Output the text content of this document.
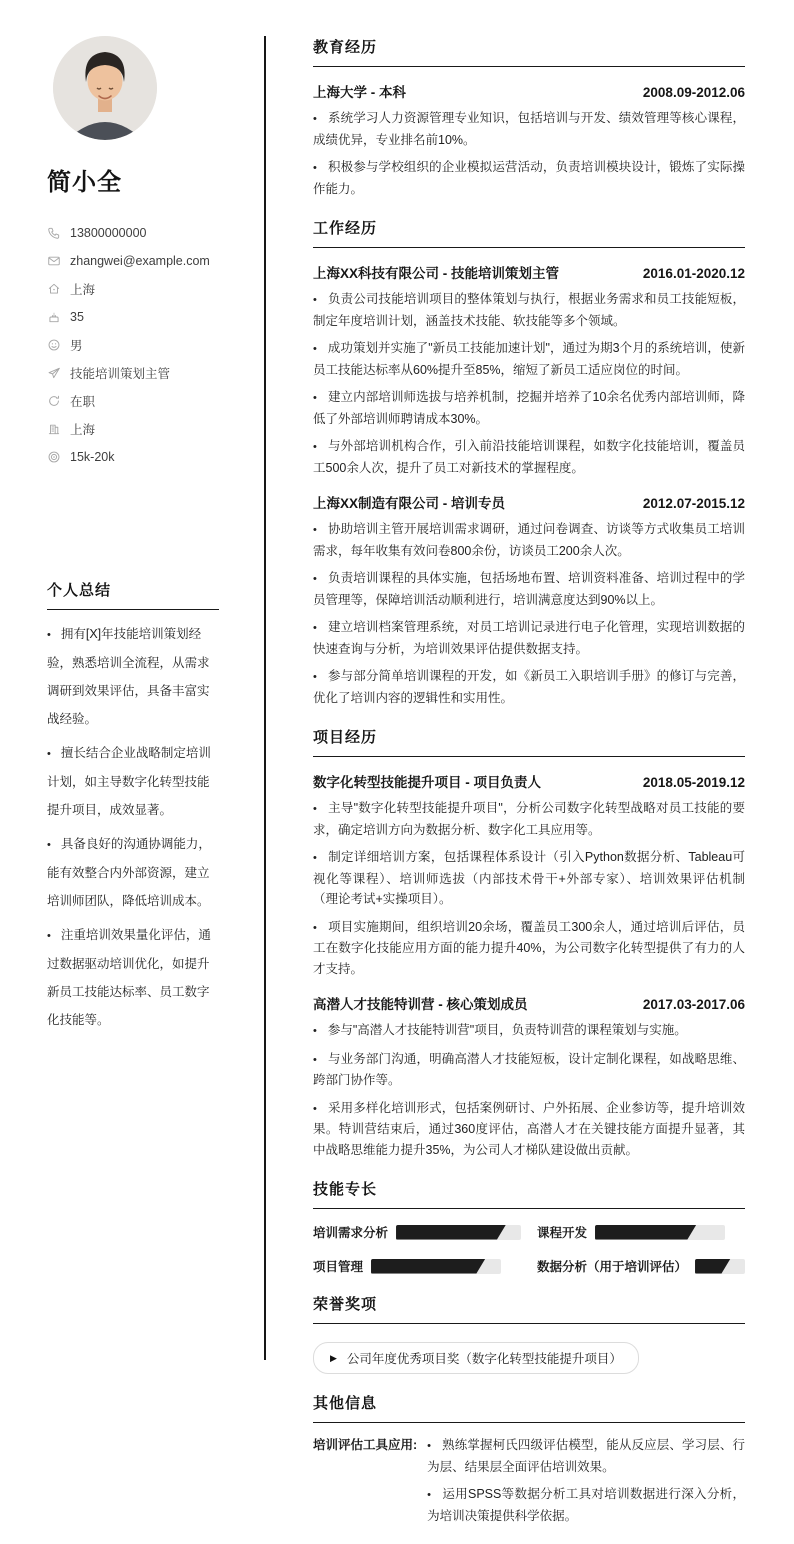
简小全
13800000000
zhangwei@example.com
上海
35
男
技能培训策划主管
在职
上海
15k-20k
个人总结

• 拥有[X]年技能培训策划经验，熟悉培训全流程，从需求调研到效果评估，具备丰富实战经验。

• 擅长结合企业战略制定培训计划，如主导数字化转型技能提升项目，成效显著。

• 具备良好的沟通协调能力，能有效整合内外部资源，建立培训师团队，降低培训成本。

• 注重培训效果量化评估，通过数据驱动培训优化，如提升新员工技能达标率、员工数字化技能等。

教育经历
上海大学 - 本科	2008.09-2012.06

• 系统学习人力资源管理专业知识，包括培训与开发、绩效管理等核心课程，成绩优异，专业排名前10%。

• 积极参与学校组织的企业模拟运营活动，负责培训模块设计，锻炼了实际操作能力。

工作经历
上海XX科技有限公司 - 技能培训策划主管	2016.01-2020.12

• 负责公司技能培训项目的整体策划与执行，根据业务需求和员工技能短板，制定年度培训计划，涵盖技术技能、软技能等多个领域。

• 成功策划并实施了"新员工技能加速计划"，通过为期3个月的系统培训，使新员工技能达标率从60%提升至85%，缩短了新员工适应岗位的时间。

• 建立内部培训师选拔与培养机制，挖掘并培养了10余名优秀内部培训师，降低了外部培训师聘请成本30%。

• 与外部培训机构合作，引入前沿技能培训课程，如数字化技能培训，覆盖员工500余人次，提升了员工对新技术的掌握程度。

上海XX制造有限公司 - 培训专员	2012.07-2015.12

• 协助培训主管开展培训需求调研，通过问卷调查、访谈等方式收集员工培训需求，每年收集有效问卷800余份，访谈员工200余人次。

• 负责培训课程的具体实施，包括场地布置、培训资料准备、培训过程中的学员管理等，保障培训活动顺利进行，培训满意度达到90%以上。

• 建立培训档案管理系统，对员工培训记录进行电子化管理，实现培训数据的快速查询与分析，为培训效果评估提供数据支持。

• 参与部分简单培训课程的开发，如《新员工入职培训手册》的修订与完善，优化了培训内容的逻辑性和实用性。

项目经历
数字化转型技能提升项目 - 项目负责人	2018.05-2019.12

• 主导"数字化转型技能提升项目"，分析公司数字化转型战略对员工技能的要求，确定培训方向为数据分析、数字化工具应用等。

• 制定详细培训方案，包括课程体系设计（引入Python数据分析、Tableau可视化等课程）、培训师选拔（内部技术骨干+外部专家）、培训效果评估机制（理论考试+实操项目）。

• 项目实施期间，组织培训20余场，覆盖员工300余人，通过培训后评估，员工在数字化技能应用方面的能力提升40%，为公司数字化转型提供了有力的人才支持。

高潜人才技能特训营 - 核心策划成员	2017.03-2017.06

• 参与"高潜人才技能特训营"项目，负责特训营的课程策划与实施。

• 与业务部门沟通，明确高潜人才技能短板，设计定制化课程，如战略思维、跨部门协作等。

• 采用多样化培训形式，包括案例研讨、户外拓展、企业参访等，提升培训效果。特训营结束后，通过360度评估，高潜人才在关键技能方面提升显著，其中战略思维能力提升35%，为公司人才梯队建设做出贡献。

技能专长
培训需求分析	课程开发
项目管理	数据分析（用于培训评估）
荣誉奖项
▶ 公司年度优秀项目奖（数字化转型技能提升项目）
其他信息
培训评估工具应用: • 熟练掌握柯氏四级评估模型，能从反应层、学习层、行为层、结果层全面评估培训效果。

• 运用SPSS等数据分析工具对培训数据进行深入分析，为培训决策提供科学依据。
